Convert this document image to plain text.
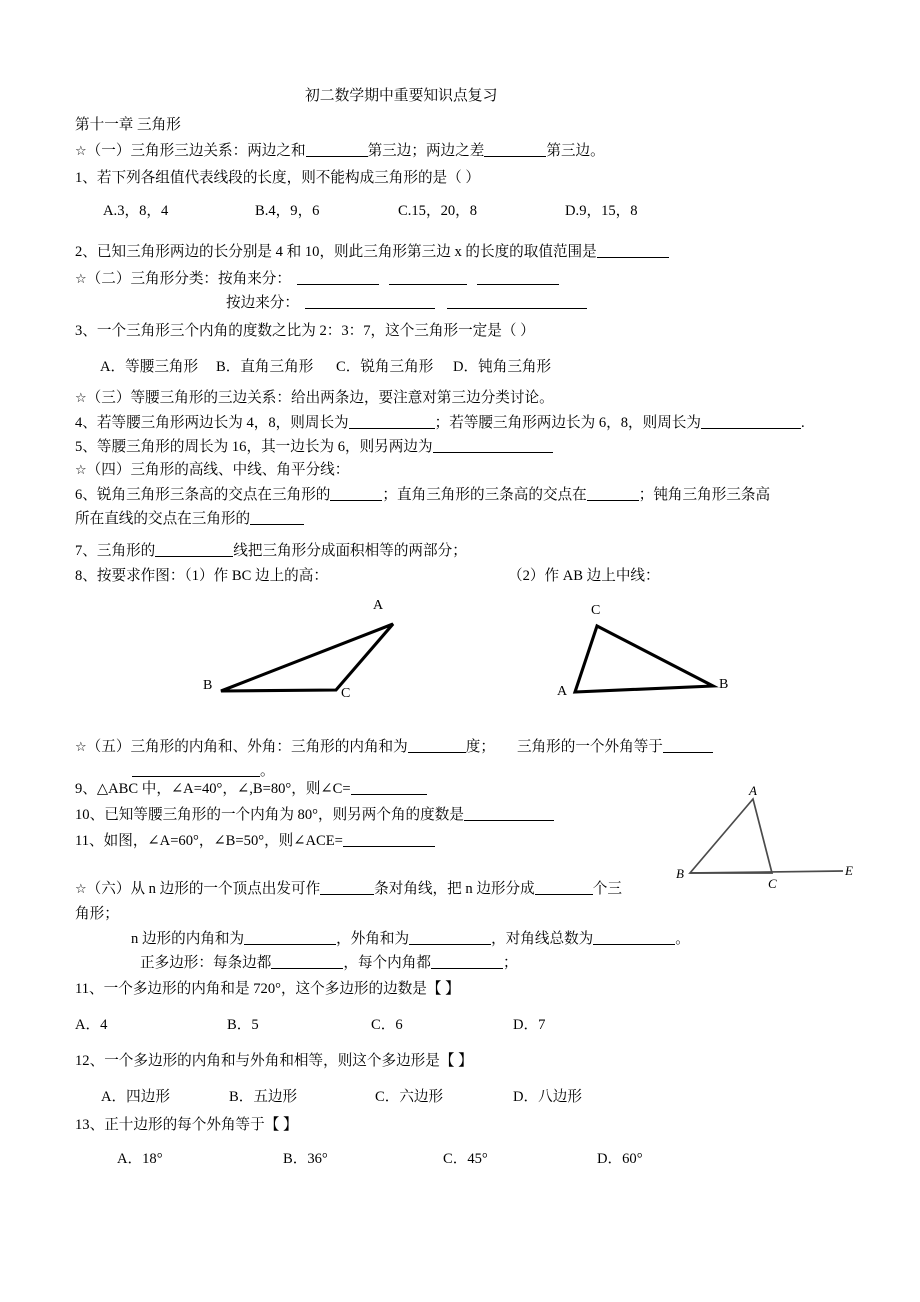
初二数学期中重要知识点复习
第十一章 三角形
☆（一）三角形三边关系：两边之和	第三边；两边之差	第三边。
1、若下列各组值代表线段的长度，则不能构成三角形的是（ ）
A.3，8，4	B.4，9，6	C.15，20，8	D.9，15，8
2、已知三角形两边的长分别是 4 和 10，则此三角形第三边 x 的长度的取值范围是
☆（二）三角形分类：按角来分：
按边来分：
3、一个三角形三个内角的度数之比为 2：3：7，这个三角形一定是（ ）
A．等腰三角形 B．直角三角形 C．锐角三角形 D．钝角三角形
☆（三）等腰三角形的三边关系：给出两条边，要注意对第三边分类讨论。
4、若等腰三角形两边长为 4，8，则周长为	；若等腰三角形两边长为 6，8，则周长为	.
5、等腰三角形的周长为 16，其一边长为 6，则另两边为
☆（四）三角形的高线、中线、角平分线：
6、锐角三角形三条高的交点在三角形的	；直角三角形的三条高的交点在	；钝角三角形三条高
所在直线的交点在三角形的
7、三角形的	线把三角形分成面积相等的两部分；
8、按要求作图：（1）作 BC 边上的高：	（2）作 AB 边上中线：
A
B
C
C
A	B
☆（五）三角形的内角和、外角：三角形的内角和为	度； 三角形的一个外角等于
。
9、△ABC 中，∠A=40°，∠,B=80°，则∠C=
10、已知等腰三角形的一个内角为 80°，则另两个角的度数是
11、如图，∠A=60°，∠B=50°，则∠ACE=
A
B
C
E
☆（六）从 n 边形的一个顶点出发可作	条对角线，把 n 边形分成	个三
角形；
n 边形的内角和为	，外角和为	，对角线总数为	。
正多边形：每条边都	，每个内角都	；
11、一个多边形的内角和是 720°，这个多边形的边数是【 】
A．4	B．5	C．6	D．7
12、一个多边形的内角和与外角和相等，则这个多边形是【 】
A．四边形	B．五边形	C．六边形	D．八边形
13、正十边形的每个外角等于【 】
A．18°	B．36°	C．45°	D．60°
